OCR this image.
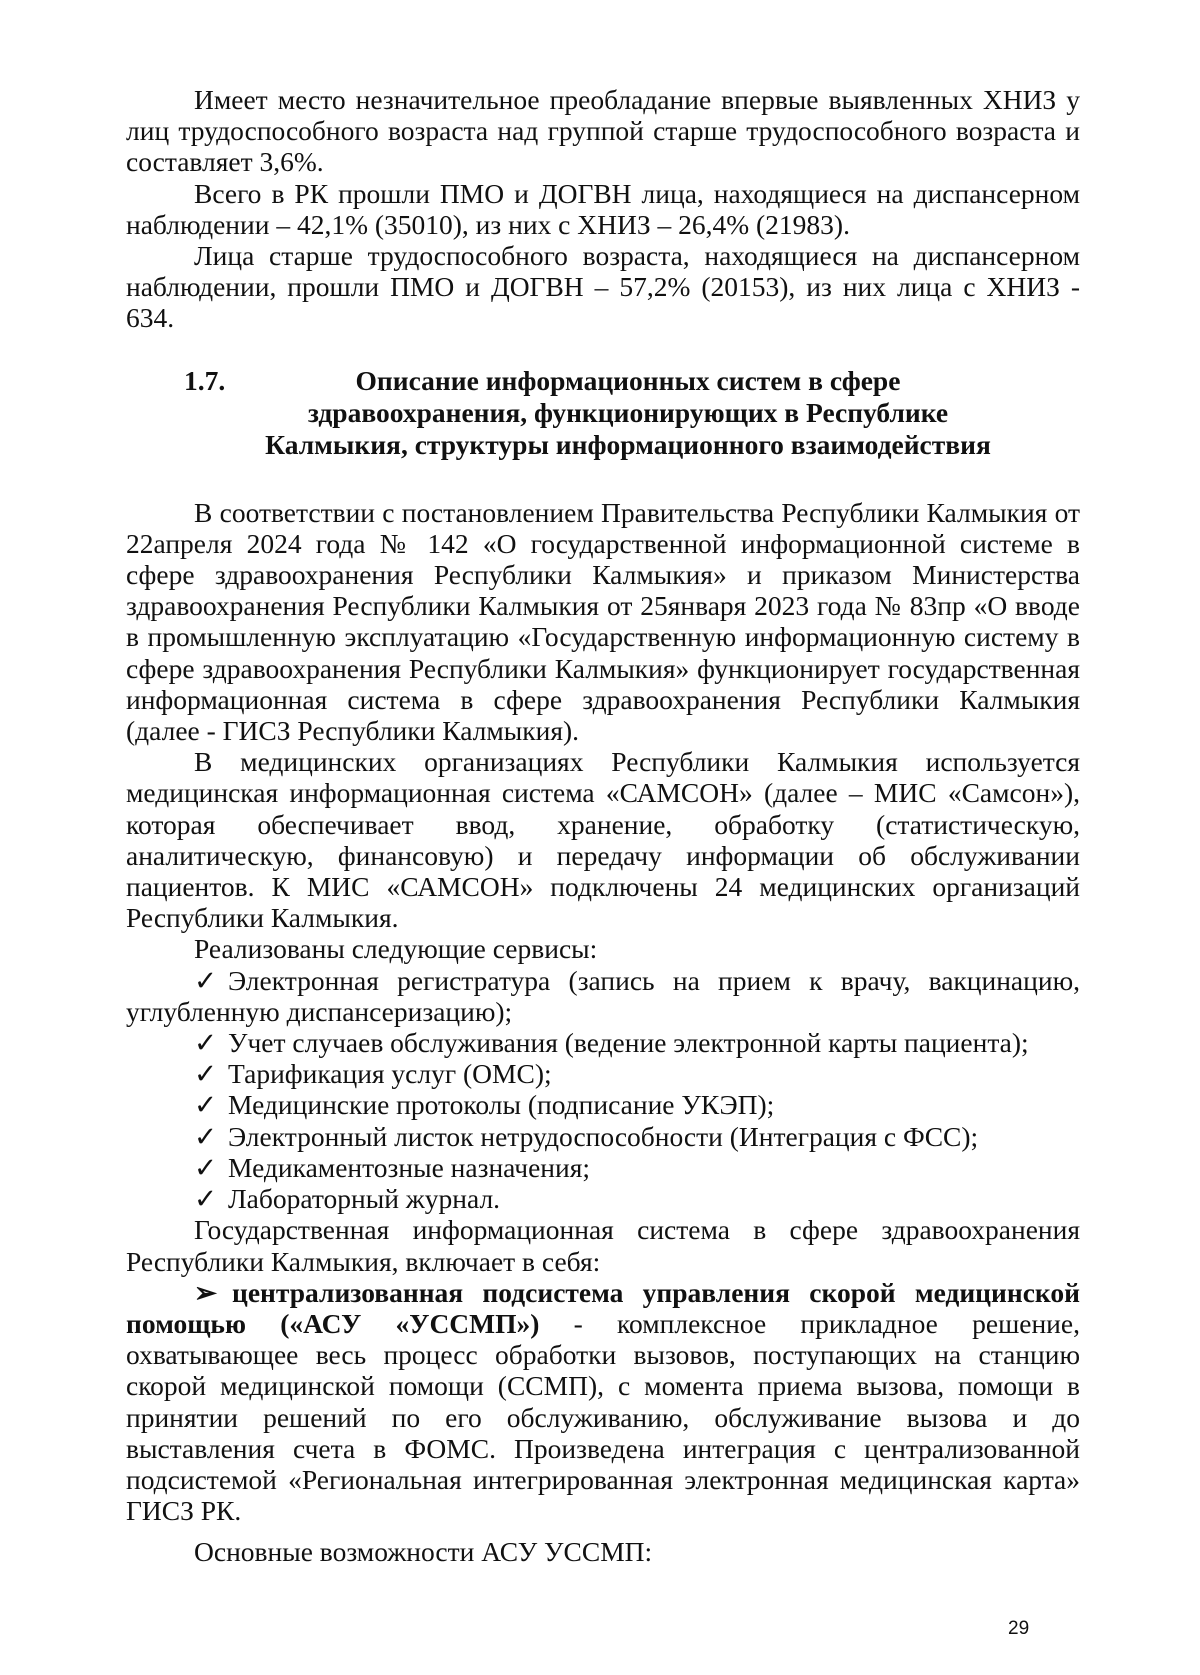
Имеет место незначительное преобладание впервые выявленных ХНИЗ у лиц трудоспособного возраста над группой старше трудоспособного возраста и составляет 3,6%.

Всего в РК прошли ПМО и ДОГВН лица, находящиеся на диспансерном наблюдении – 42,1% (35010), из них с ХНИЗ – 26,4% (21983).

Лица старше трудоспособного возраста, находящиеся на диспансерном наблюдении, прошли ПМО и ДОГВН – 57,2% (20153), из них лица с ХНИЗ - 634.

1.7.	Описание информационных систем в сфере здравоохранения, функционирующих в Республике Калмыкия, структуры информационного взаимодействия

В соответствии с постановлением Правительства Республики Калмыкия от 22апреля 2024 года № 142 «О государственной информационной системе в сфере здравоохранения Республики Калмыкия» и приказом Министерства здравоохранения Республики Калмыкия от 25января 2023 года № 83пр «О вводе в промышленную эксплуатацию «Государственную информационную систему в сфере здравоохранения Республики Калмыкия» функционирует государственная информационная система в сфере здравоохранения Республики Калмыкия (далее - ГИСЗ Республики Калмыкия).

В медицинских организациях Республики Калмыкия используется медицинская информационная система «САМСОН» (далее – МИС «Самсон»), которая обеспечивает ввод, хранение, обработку (статистическую, аналитическую, финансовую) и передачу информации об обслуживании пациентов. К МИС «САМСОН» подключены 24 медицинских организаций Республики Калмыкия.

Реализованы следующие сервисы:

✓ Электронная регистратура (запись на прием к врачу, вакцинацию, углубленную диспансеризацию);
✓ Учет случаев обслуживания (ведение электронной карты пациента);
✓ Тарификация услуг (ОМС);
✓ Медицинские протоколы (подписание УКЭП);
✓ Электронный листок нетрудоспособности (Интеграция с ФСС);
✓ Медикаментозные назначения;
✓ Лабораторный журнал.

Государственная информационная система в сфере здравоохранения Республики Калмыкия, включает в себя:

➢ централизованная подсистема управления скорой медицинской помощью («АСУ «УССМП») - комплексное прикладное решение, охватывающее весь процесс обработки вызовов, поступающих на станцию скорой медицинской помощи (ССМП), с момента приема вызова, помощи в принятии решений по его обслуживанию, обслуживание вызова и до выставления счета в ФОМС. Произведена интеграция с централизованной подсистемой «Региональная интегрированная электронная медицинская карта» ГИСЗ РК.

Основные возможности АСУ УССМП:

29
